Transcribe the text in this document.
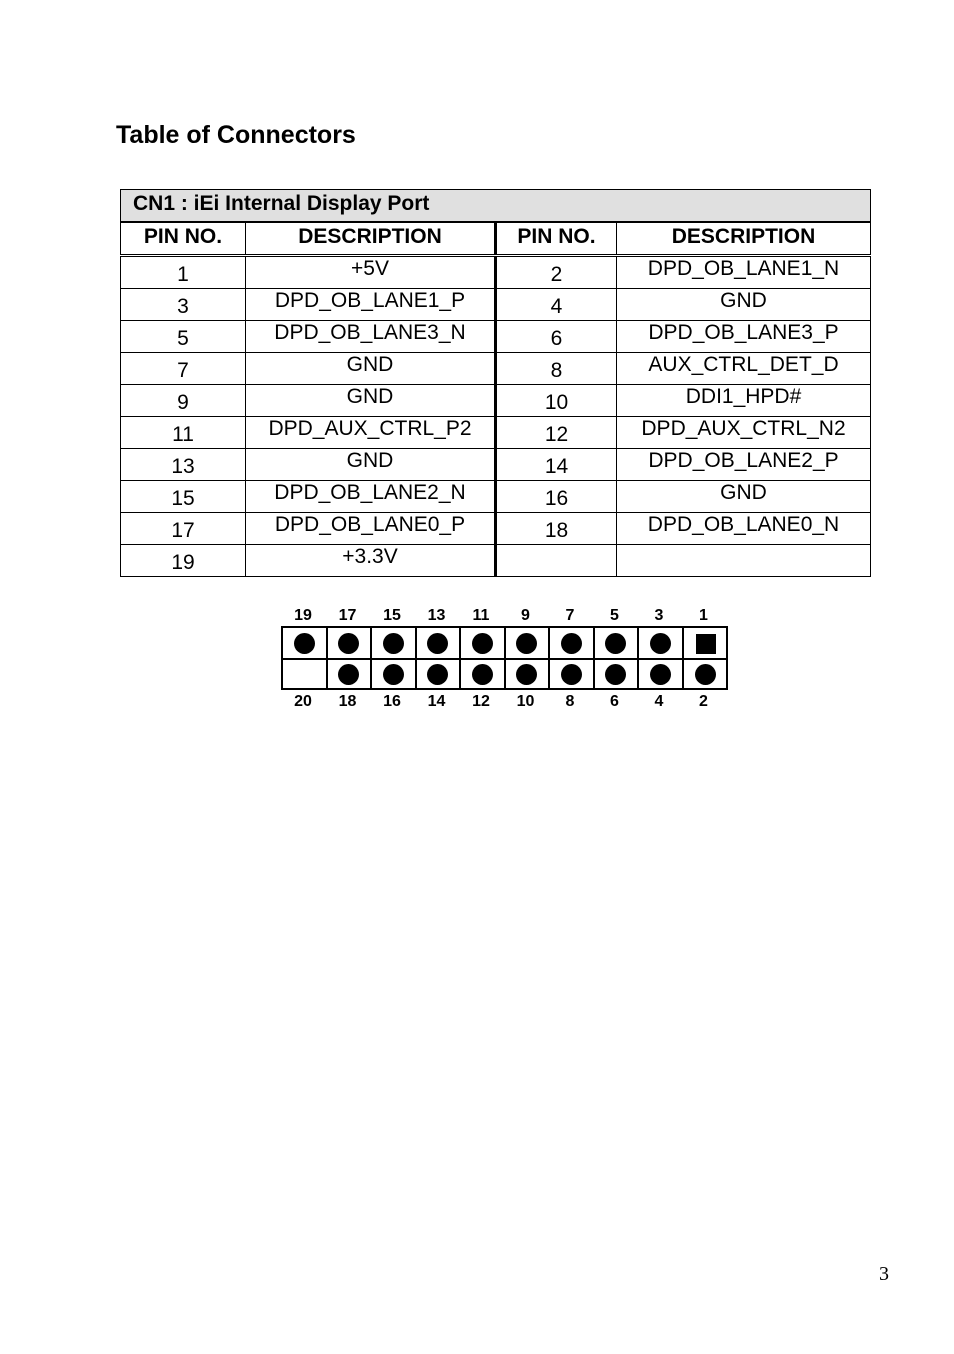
Table of Connectors
CN1 : iEi Internal Display Port			
PIN NO.	DESCRIPTION	PIN NO.	DESCRIPTION
1	+5V	2	DPD_OB_LANE1_N
3	DPD_OB_LANE1_P	4	GND
5	DPD_OB_LANE3_N	6	DPD_OB_LANE3_P
7	GND	8	AUX_CTRL_DET_D
9	GND	10	DDI1_HPD#
11	DPD_AUX_CTRL_P2	12	DPD_AUX_CTRL_N2
13	GND	14	DPD_OB_LANE2_P
15	DPD_OB_LANE2_N	16	GND
17	DPD_OB_LANE0_P	18	DPD_OB_LANE0_N
19	+3.3V		
19	17	15	13	11	9	7	5	3	1
20	18	16	14	12	10	8	6	4	2
3
